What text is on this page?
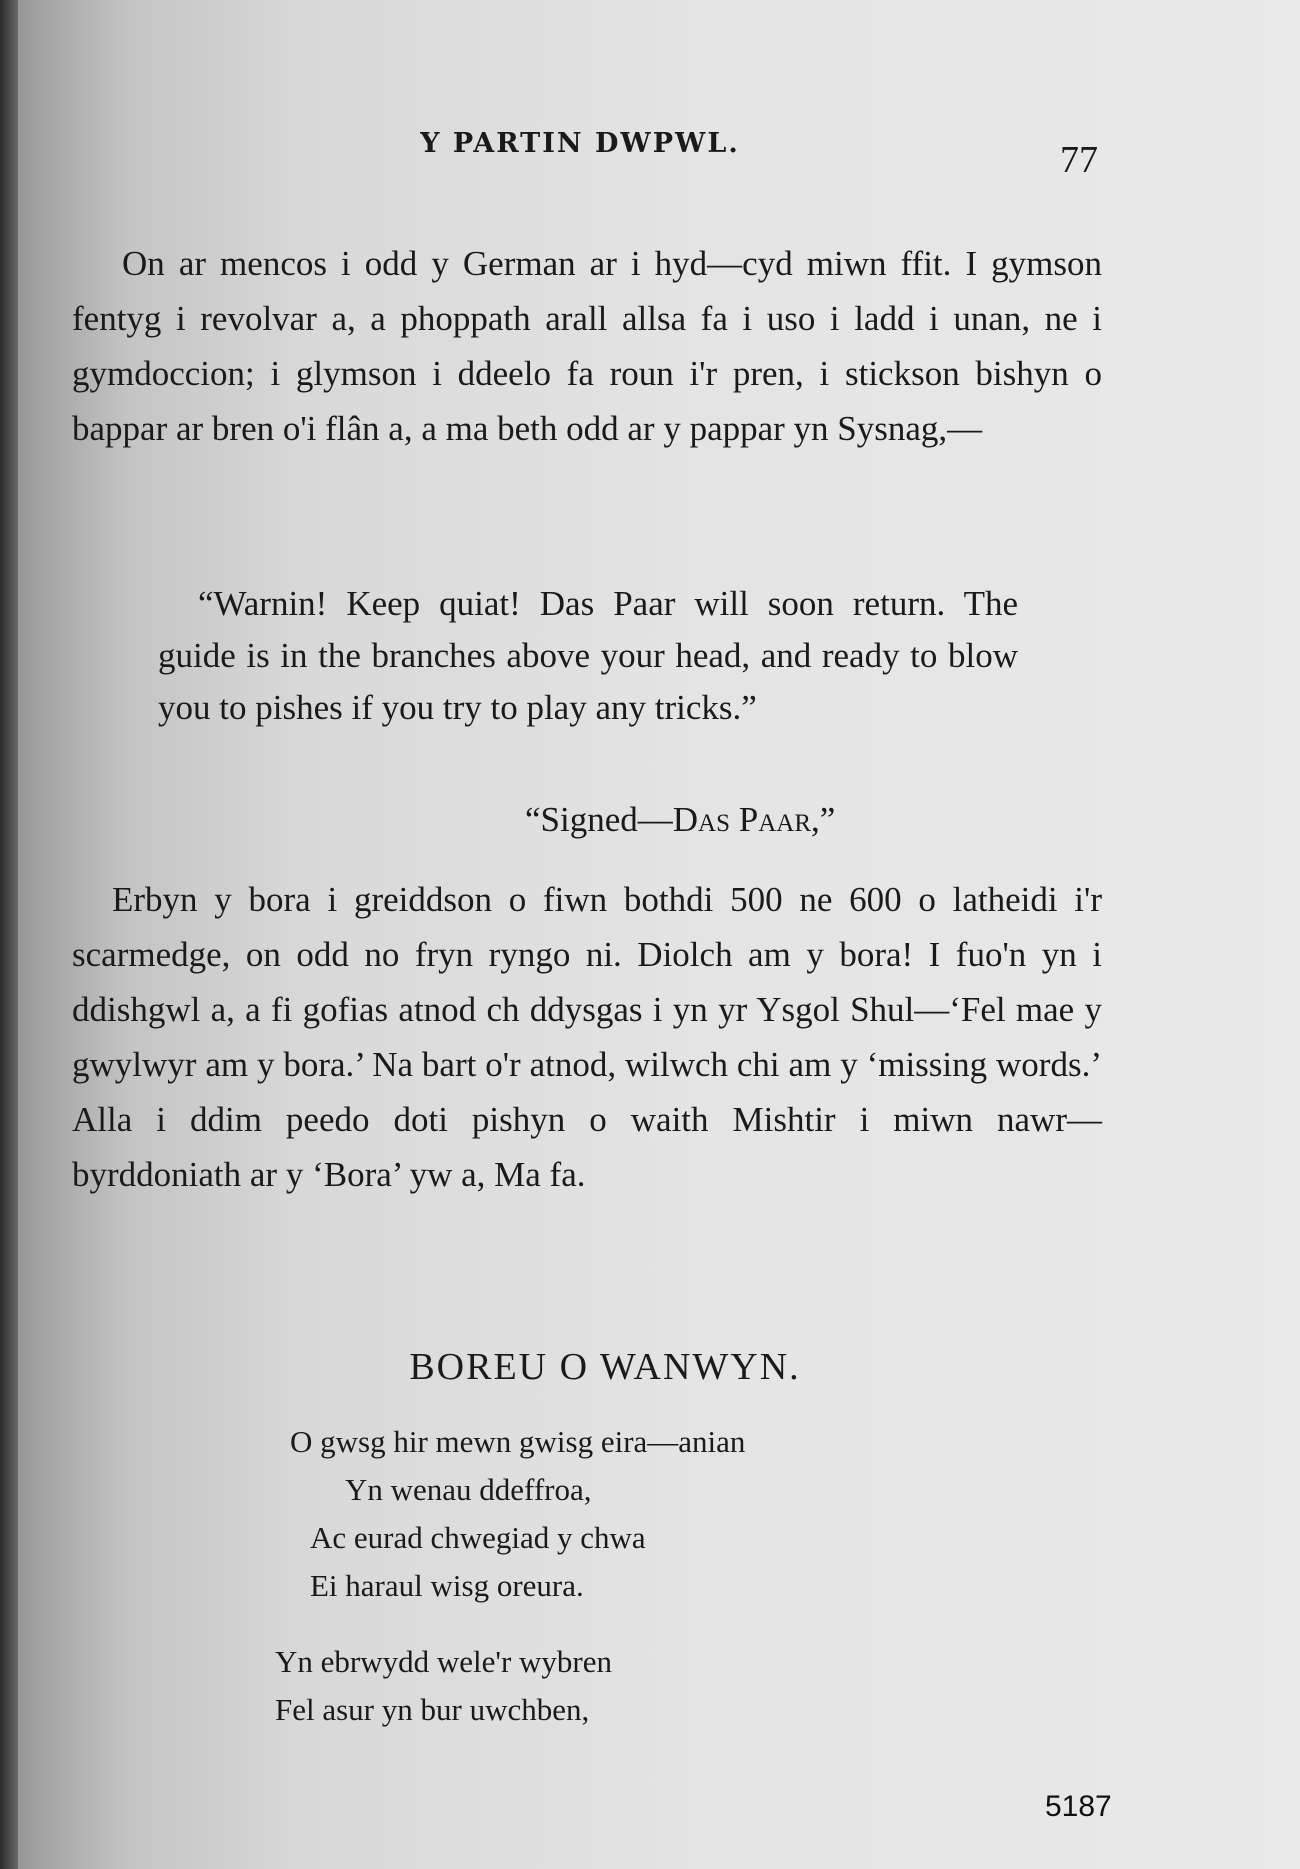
Y PARTIN DWPWL.	77

On ar mencos i odd y German ar i hyd—cyd miwn ffit. I gymson fentyg i revolvar a, a phoppath arall allsa fa i uso i ladd i unan, ne i gymdoccion; i glymson i ddeelo fa roun i'r pren, i stickson bishyn o bappar ar bren o'i flân a, a ma beth odd ar y pappar yn Sysnag,—

“Warnin! Keep quiat! Das Paar will soon return. The guide is in the branches above your head, and ready to blow you to pishes if you try to play any tricks.”
“Signed—Das Paar,”
Erbyn y bora i greiddson o fiwn bothdi 500 ne 600 o latheidi i'r scarmedge, on odd no fryn ryngo ni. Diolch am y bora! I fuo'n yn i ddishgwl a, a fi gofias atnod ch ddysgas i yn yr Ysgol Shul—‘Fel mae y gwylwyr am y bora.’ Na bart o'r atnod, wilwch chi am y ‘missing words.’ Alla i ddim peedo doti pishyn o waith Mishtir i miwn nawr—byrddoniath ar y ‘Bora’ yw a, Ma fa.
BOREU O WANWYN.
O gwsg hir mewn gwisg eira—anian
Yn wenau ddeffroa,
Ac eurad chwegiad y chwa
Ei haraul wisg oreura.
Yn ebrwydd wele'r wybren
Fel asur yn bur uwchben,
5187
